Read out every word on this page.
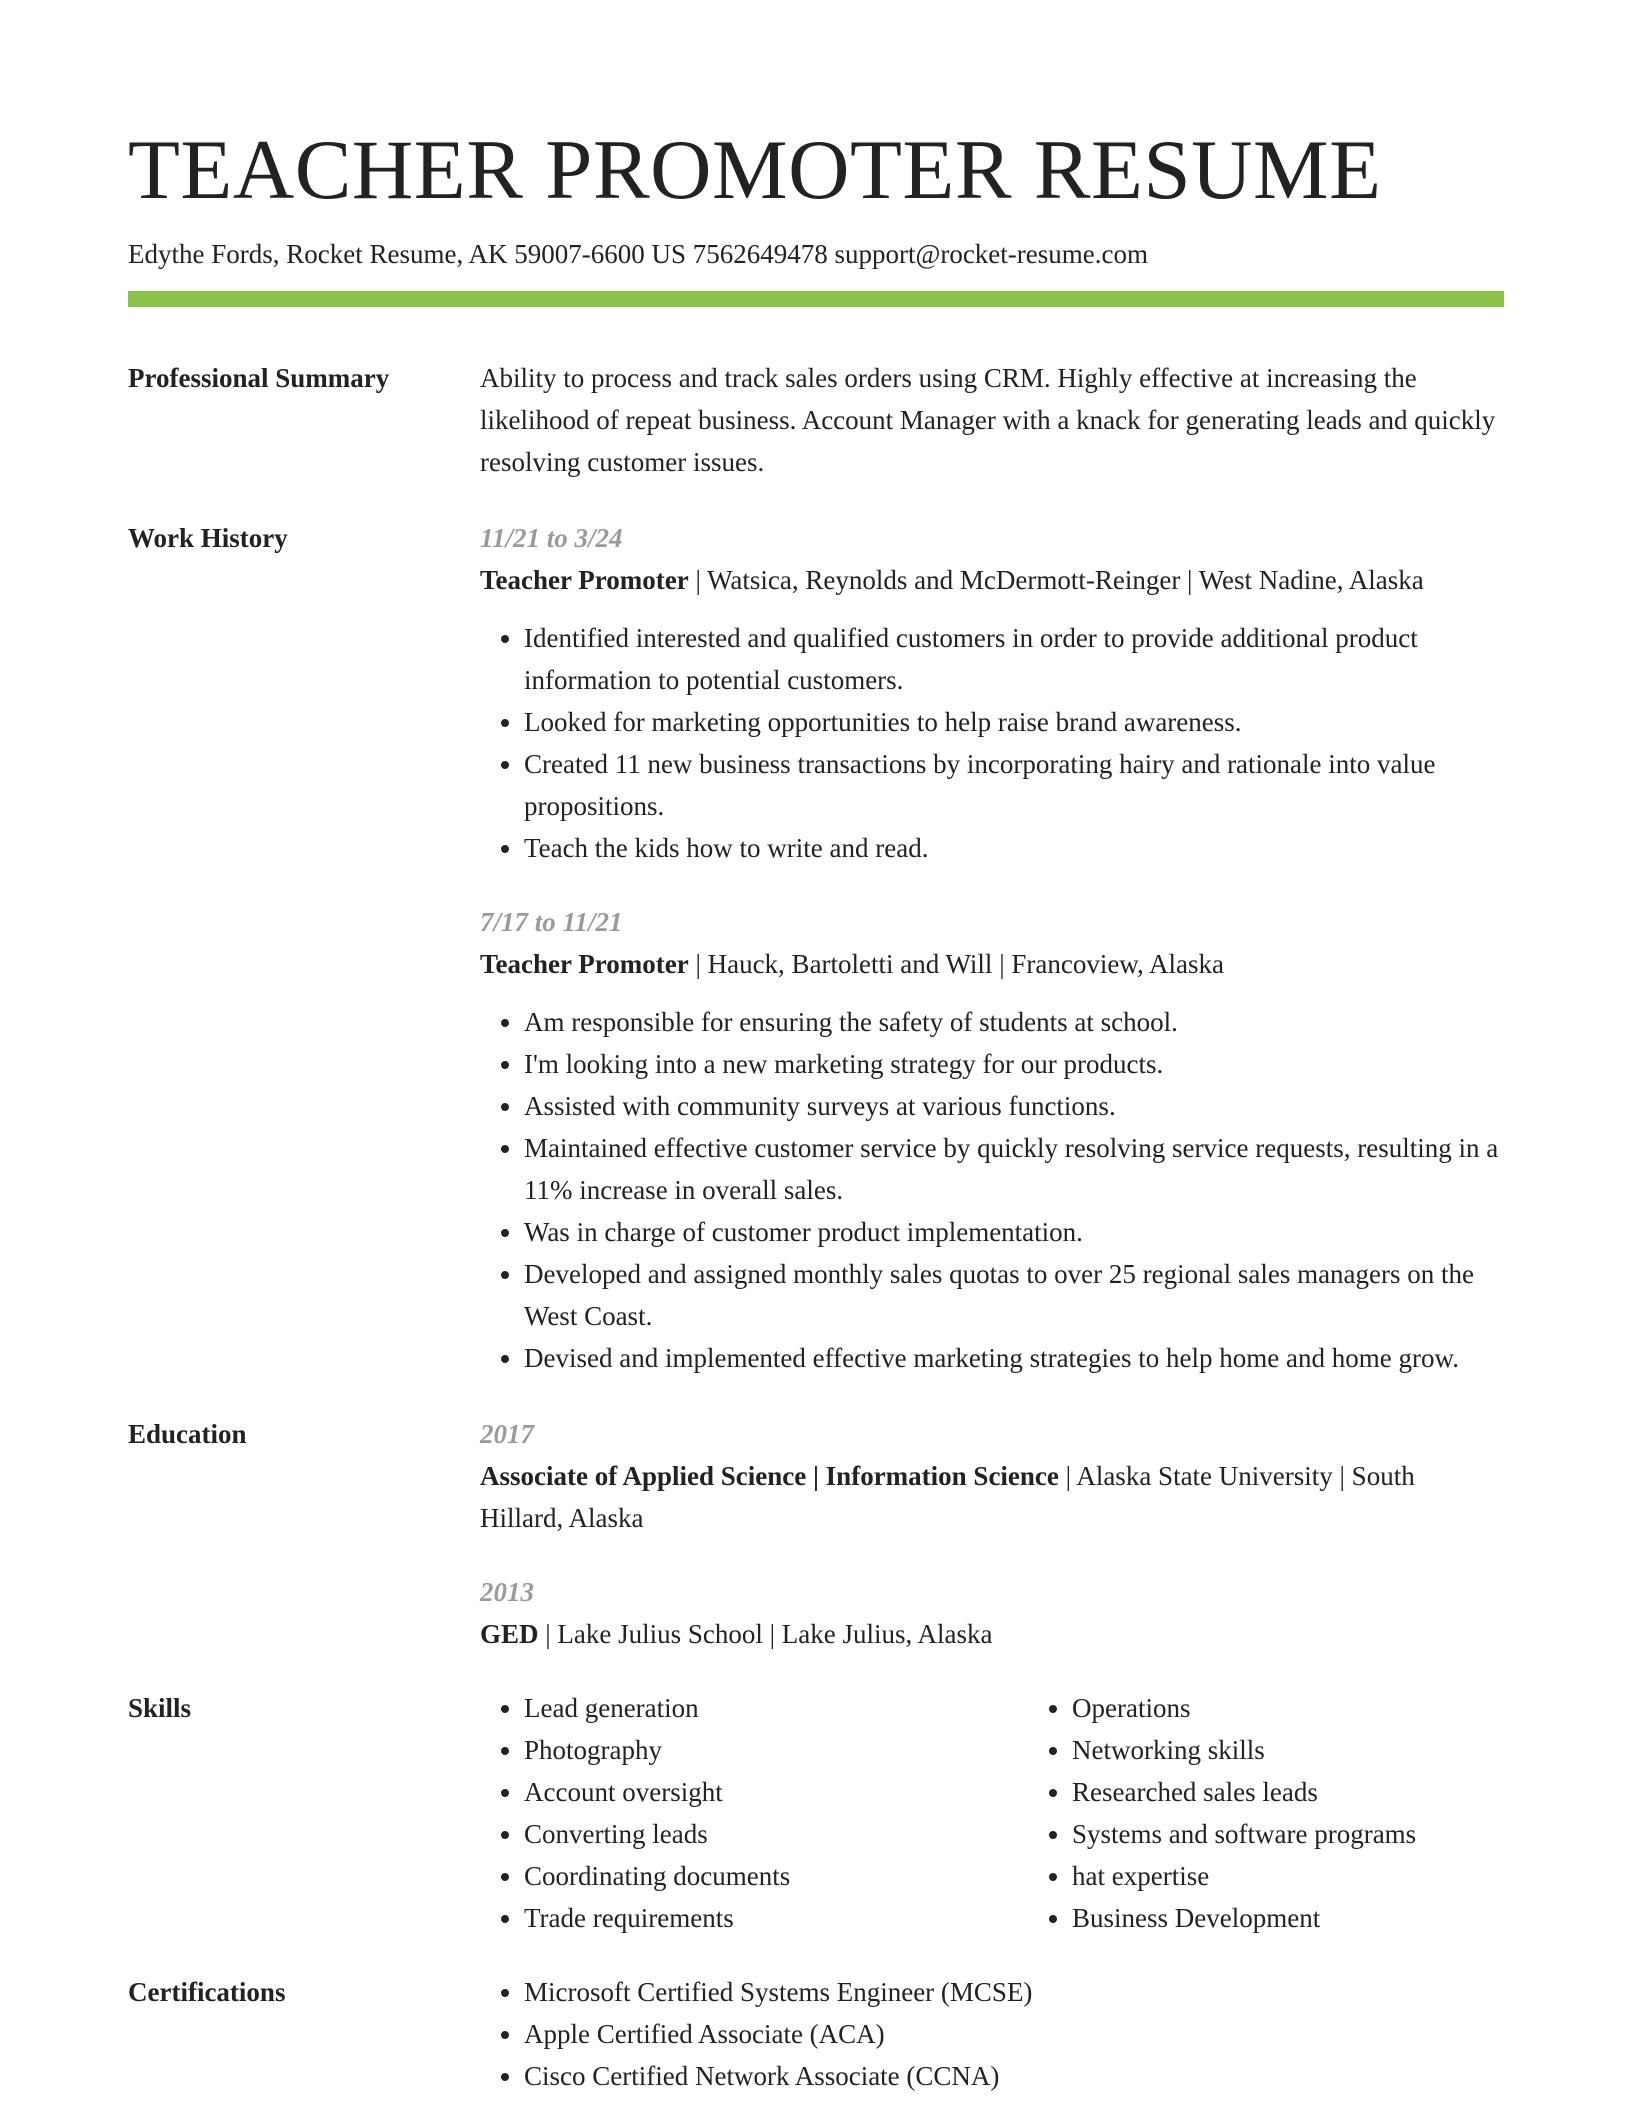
TEACHER PROMOTER RESUME
Edythe Fords, Rocket Resume, AK 59007-6600 US 7562649478 support@rocket-resume.com
Professional Summary	Ability to process and track sales orders using CRM. Highly effective at increasing the likelihood of repeat business. Account Manager with a knack for generating leads and quickly resolving customer issues.
Work History	11/21 to 3/24
Teacher Promoter | Watsica, Reynolds and McDermott-Reinger | West Nadine, Alaska
• Identified interested and qualified customers in order to provide additional product information to potential customers.
• Looked for marketing opportunities to help raise brand awareness.
• Created 11 new business transactions by incorporating hairy and rationale into value propositions.
• Teach the kids how to write and read.
7/17 to 11/21
Teacher Promoter | Hauck, Bartoletti and Will | Francoview, Alaska
• Am responsible for ensuring the safety of students at school.
• I'm looking into a new marketing strategy for our products.
• Assisted with community surveys at various functions.
• Maintained effective customer service by quickly resolving service requests, resulting in a 11% increase in overall sales.
• Was in charge of customer product implementation.
• Developed and assigned monthly sales quotas to over 25 regional sales managers on the West Coast.
• Devised and implemented effective marketing strategies to help home and home grow.
Education	2017
Associate of Applied Science | Information Science | Alaska State University | South Hillard, Alaska
2013
GED | Lake Julius School | Lake Julius, Alaska
Skills	• Lead generation
• Photography
• Account oversight
• Converting leads
• Coordinating documents
• Trade requirements
• Operations
• Networking skills
• Researched sales leads
• Systems and software programs
• hat expertise
• Business Development
Certifications	• Microsoft Certified Systems Engineer (MCSE)
• Apple Certified Associate (ACA)
• Cisco Certified Network Associate (CCNA)
